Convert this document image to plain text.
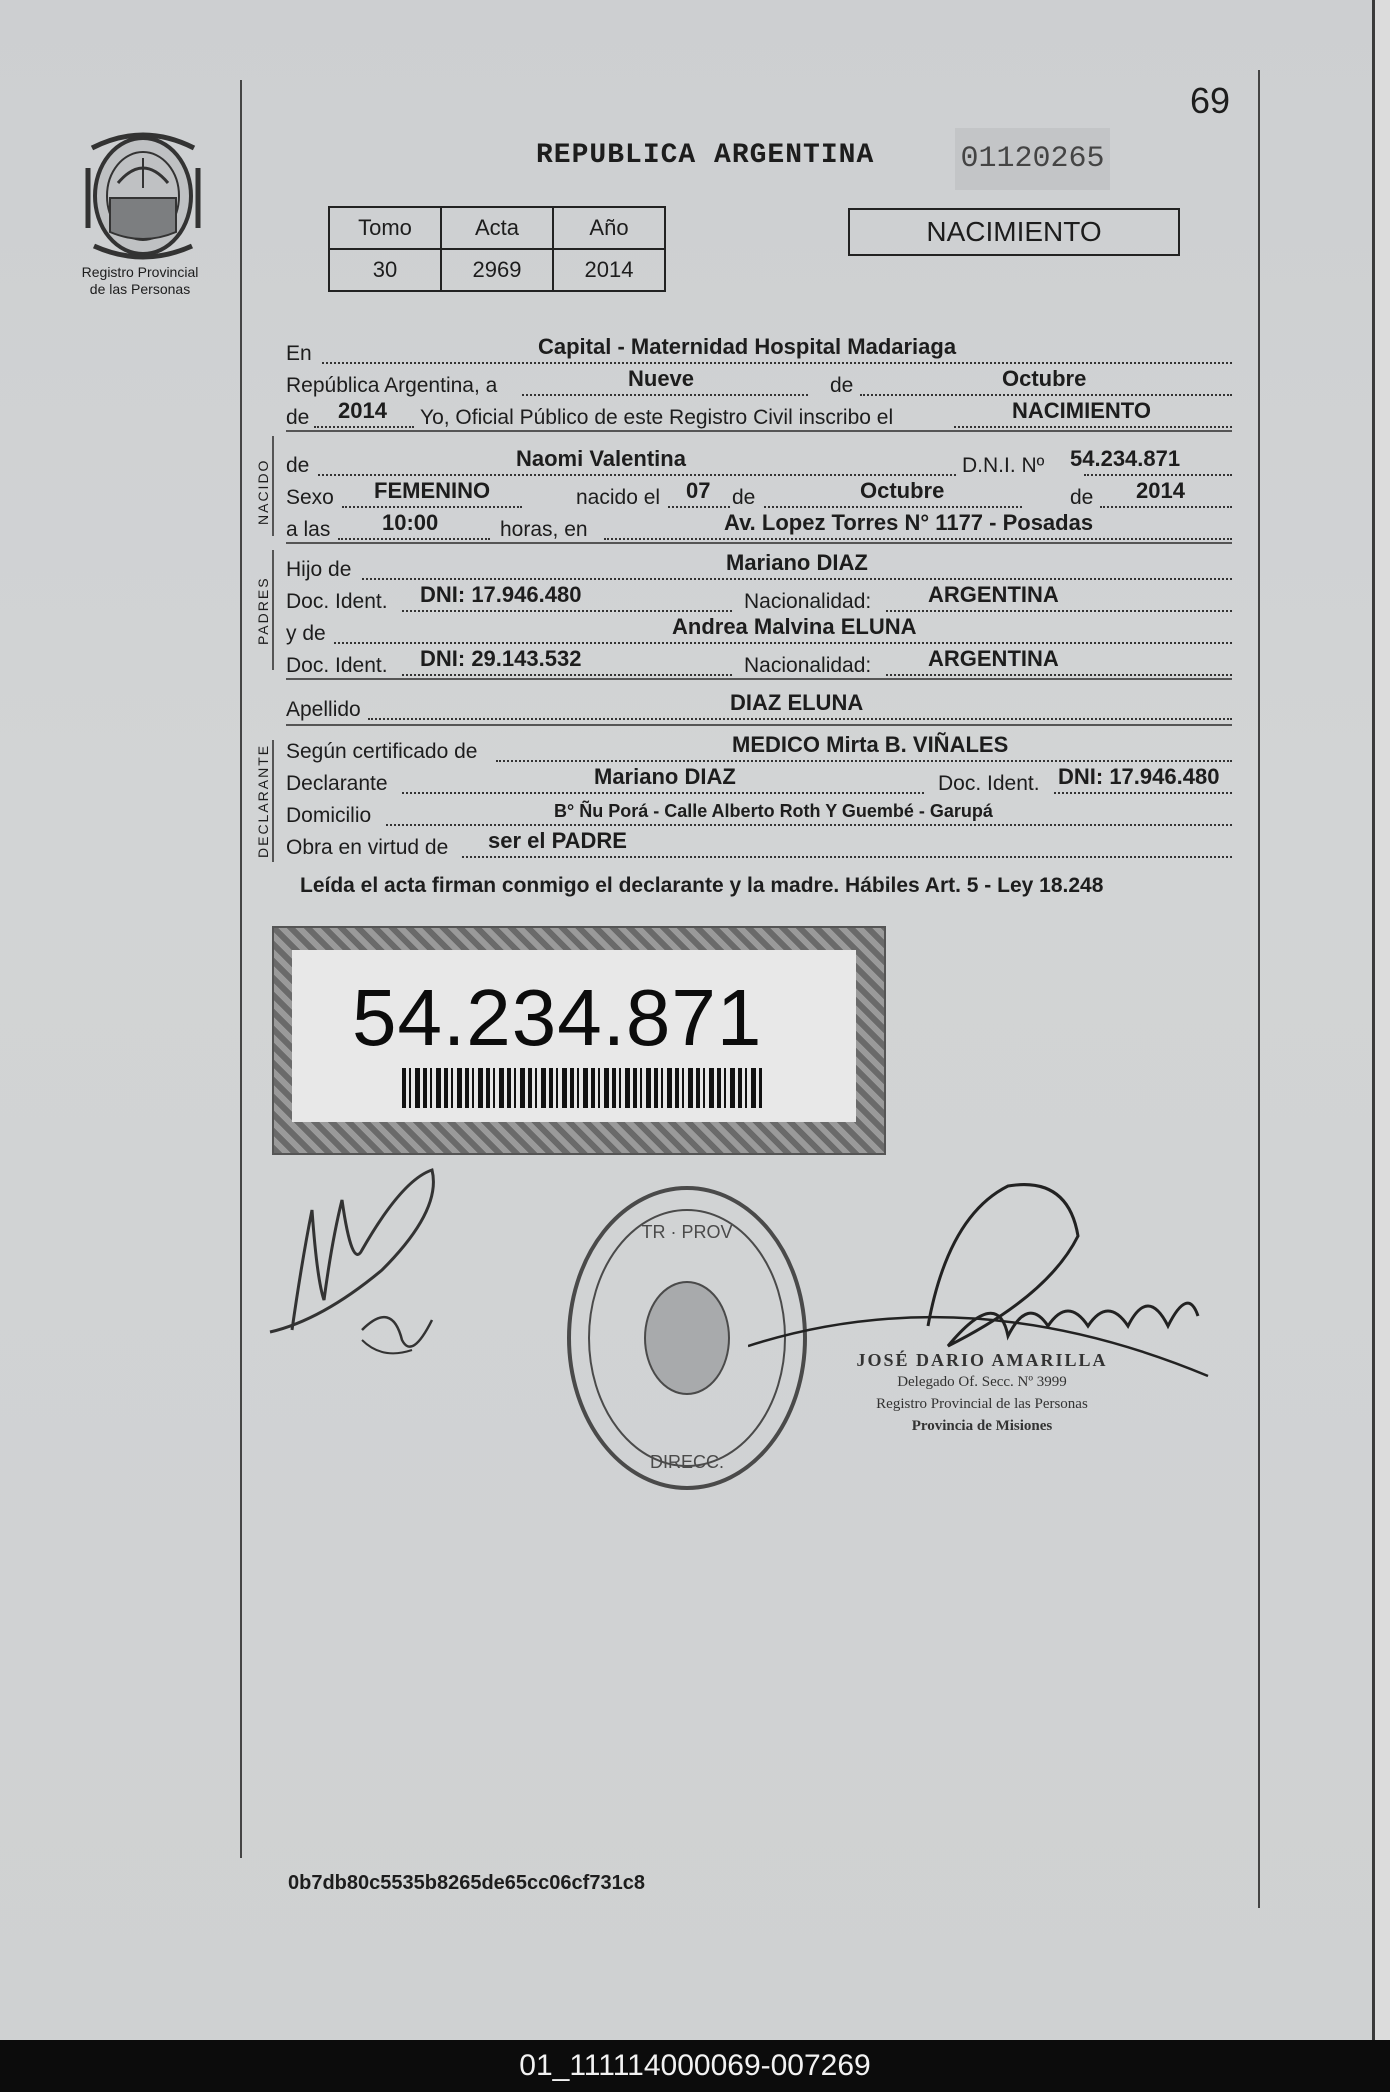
69
Registro Provincial
de las Personas
REPUBLICA ARGENTINA	01120265
Tomo	Acta	Año
30	2969	2014
NACIMIENTO
En	Capital - Maternidad Hospital Madariaga
República Argentina, a	Nueve	de	Octubre
de 2014 Yo, Oficial Público de este Registro Civil inscribo el	NACIMIENTO
NACIDO de	Naomi Valentina	D.N.I. Nº 54.234.871
Sexo FEMENINO	nacido el 07 de	Octubre	de 2014
a las 10:00	horas, en	Av. Lopez Torres N° 1177 - Posadas
PADRES
Hijo de	Mariano DIAZ
Doc. Ident. DNI: 17.946.480	Nacionalidad:	ARGENTINA
y de	Andrea Malvina ELUNA
Doc. Ident. DNI: 29.143.532	Nacionalidad:	ARGENTINA
Apellido	DIAZ ELUNA
DECLARANTE Según certificado de	MEDICO Mirta B. VIÑALES
Declarante	Mariano DIAZ	Doc. Ident. DNI: 17.946.480
Domicilio	B° Ñu Porá - Calle Alberto Roth Y Guembé - Garupá
Obra en virtud de ser el PADRE
Leída el acta firman conmigo el declarante y la madre. Hábiles Art. 5 - Ley 18.248
54.234.871
TR · PROV
DIRECC.
JOSÉ DARIO AMARILLA
Delegado Of. Secc. Nº 3999
Registro Provincial de las Personas
Provincia de Misiones
0b7db80c5535b8265de65cc06cf731c8
01_111114000069-007269
